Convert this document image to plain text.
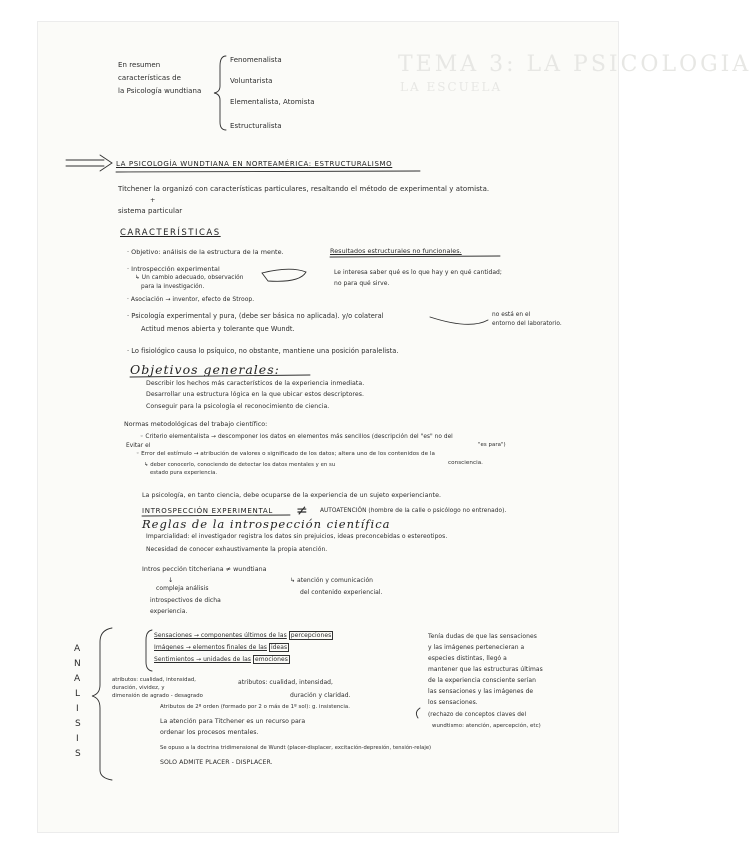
TEMA 3: LA PSICOLOGIA
LA ESCUELA
En resumen
características de
la Psicología wundtiana
Fenomenalista
Voluntarista
Elementalista, Atomista
Estructuralista
LA PSICOLOGÍA WUNDTIANA EN NORTEAMÉRICA: ESTRUCTURALISMO
Titchener la organizó con características particulares, resaltando el método de experimental y atomista.
+
sistema particular
CARACTERÍSTICAS
· Objetivo: análisis de la estructura de la mente.	Resultados estructurales no funcionales.
· Introspección experimental
↳ Un cambio adecuado, observación
para la investigación.
Le interesa saber qué es lo que hay y en qué cantidad;
no para qué sirve.
· Asociación → inventor, efecto de Stroop.
· Psicología experimental y pura, (debe ser básica no aplicada). y/o colateral	no está en el
entorno del laboratorio.
Actitud menos abierta y tolerante que Wundt.
· Lo fisiológico causa lo psíquico, no obstante, mantiene una posición paralelista.
Objetivos generales:
Describir los hechos más característicos de la experiencia inmediata.
Desarrollar una estructura lógica en la que ubicar estos descriptores.
Conseguir para la psicología el reconocimiento de ciencia.
Normas metodológicas del trabajo científico:
◦ Criterio elementalista → descomponer los datos en elementos más sencillos (descripción del "es" no del
"es para")
Evitar el
◦ Error del estímulo → atribución de valores o significado de los datos; altera uno de los contenidos de la
consciencia.
↳ deber conocerlo, conociendo de detectar los datos mentales y en su
estado pura experiencia.
La psicología, en tanto ciencia, debe ocuparse de la experiencia de un sujeto experienciante.
INTROSPECCIÓN EXPERIMENTAL ≠ AUTOATENCIÓN (hombre de la calle o psicólogo no entrenado).
Reglas de la introspección científica
Imparcialidad: el investigador registra los datos sin prejuicios, ideas preconcebidas o estereotipos.
Necesidad de conocer exhaustivamente la propia atención.
Intros pección titcheriana ≠ wundtiana
↓
compleja análisis
introspectivos de dicha
experiencia.
↳ atención y comunicación
del contenido experiencial.
A
N
A
L
I
S
I
S
Sensaciones → componentes últimos de las percepciones
Imágenes → elementos finales de las ideas
Sentimientos → unidades de las emociones
atributos: cualidad, intensidad,
duración, vividez, y
dimensión de agrado - desagrado
atributos: cualidad, intensidad,
duración y claridad.
Atributos de 2º orden (formado por 2 o más de 1º sol): g. insistencia.
La atención para Titchener es un recurso para
ordenar los procesos mentales.
Se opuso a la doctrina tridimensional de Wundt (placer-displacer, excitación-depresión, tensión-relaje)
SOLO ADMITE PLACER - DISPLACER.
Tenía dudas de que las sensaciones
y las imágenes pertenecieran a
especies distintas, llegó a
mantener que las estructuras últimas
de la experiencia consciente serían
las sensaciones y las imágenes de
los sensaciones.
(rechazo de conceptos claves del
wundtismo: atención, apercepción, etc)
